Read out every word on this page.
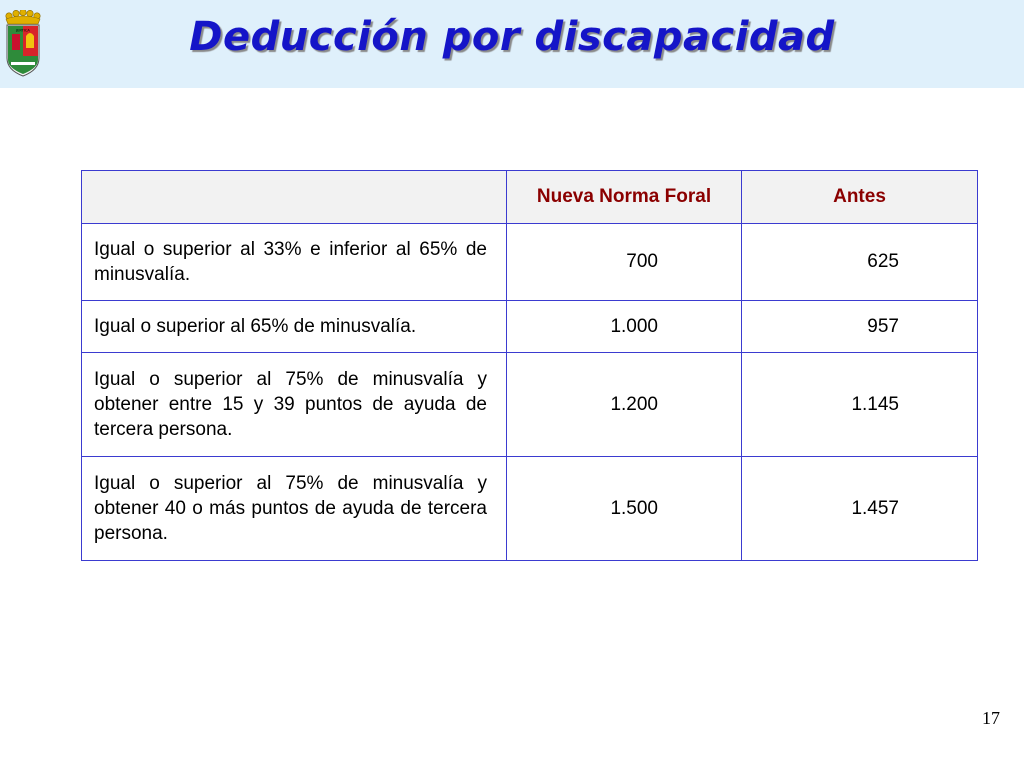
JERTICA	Deducción por discapacidad
	Nueva Norma Foral	Antes
Igual o superior al 33% e inferior al 65% de minusvalía.	700	625
Igual o superior al 65% de minusvalía.	1.000	957
Igual o superior al 75% de minusvalía y obtener entre 15 y 39 puntos de ayuda de tercera persona.	1.200	1.145
Igual o superior al 75% de minusvalía y obtener 40 o más puntos de ayuda de tercera persona.	1.500	1.457
17
